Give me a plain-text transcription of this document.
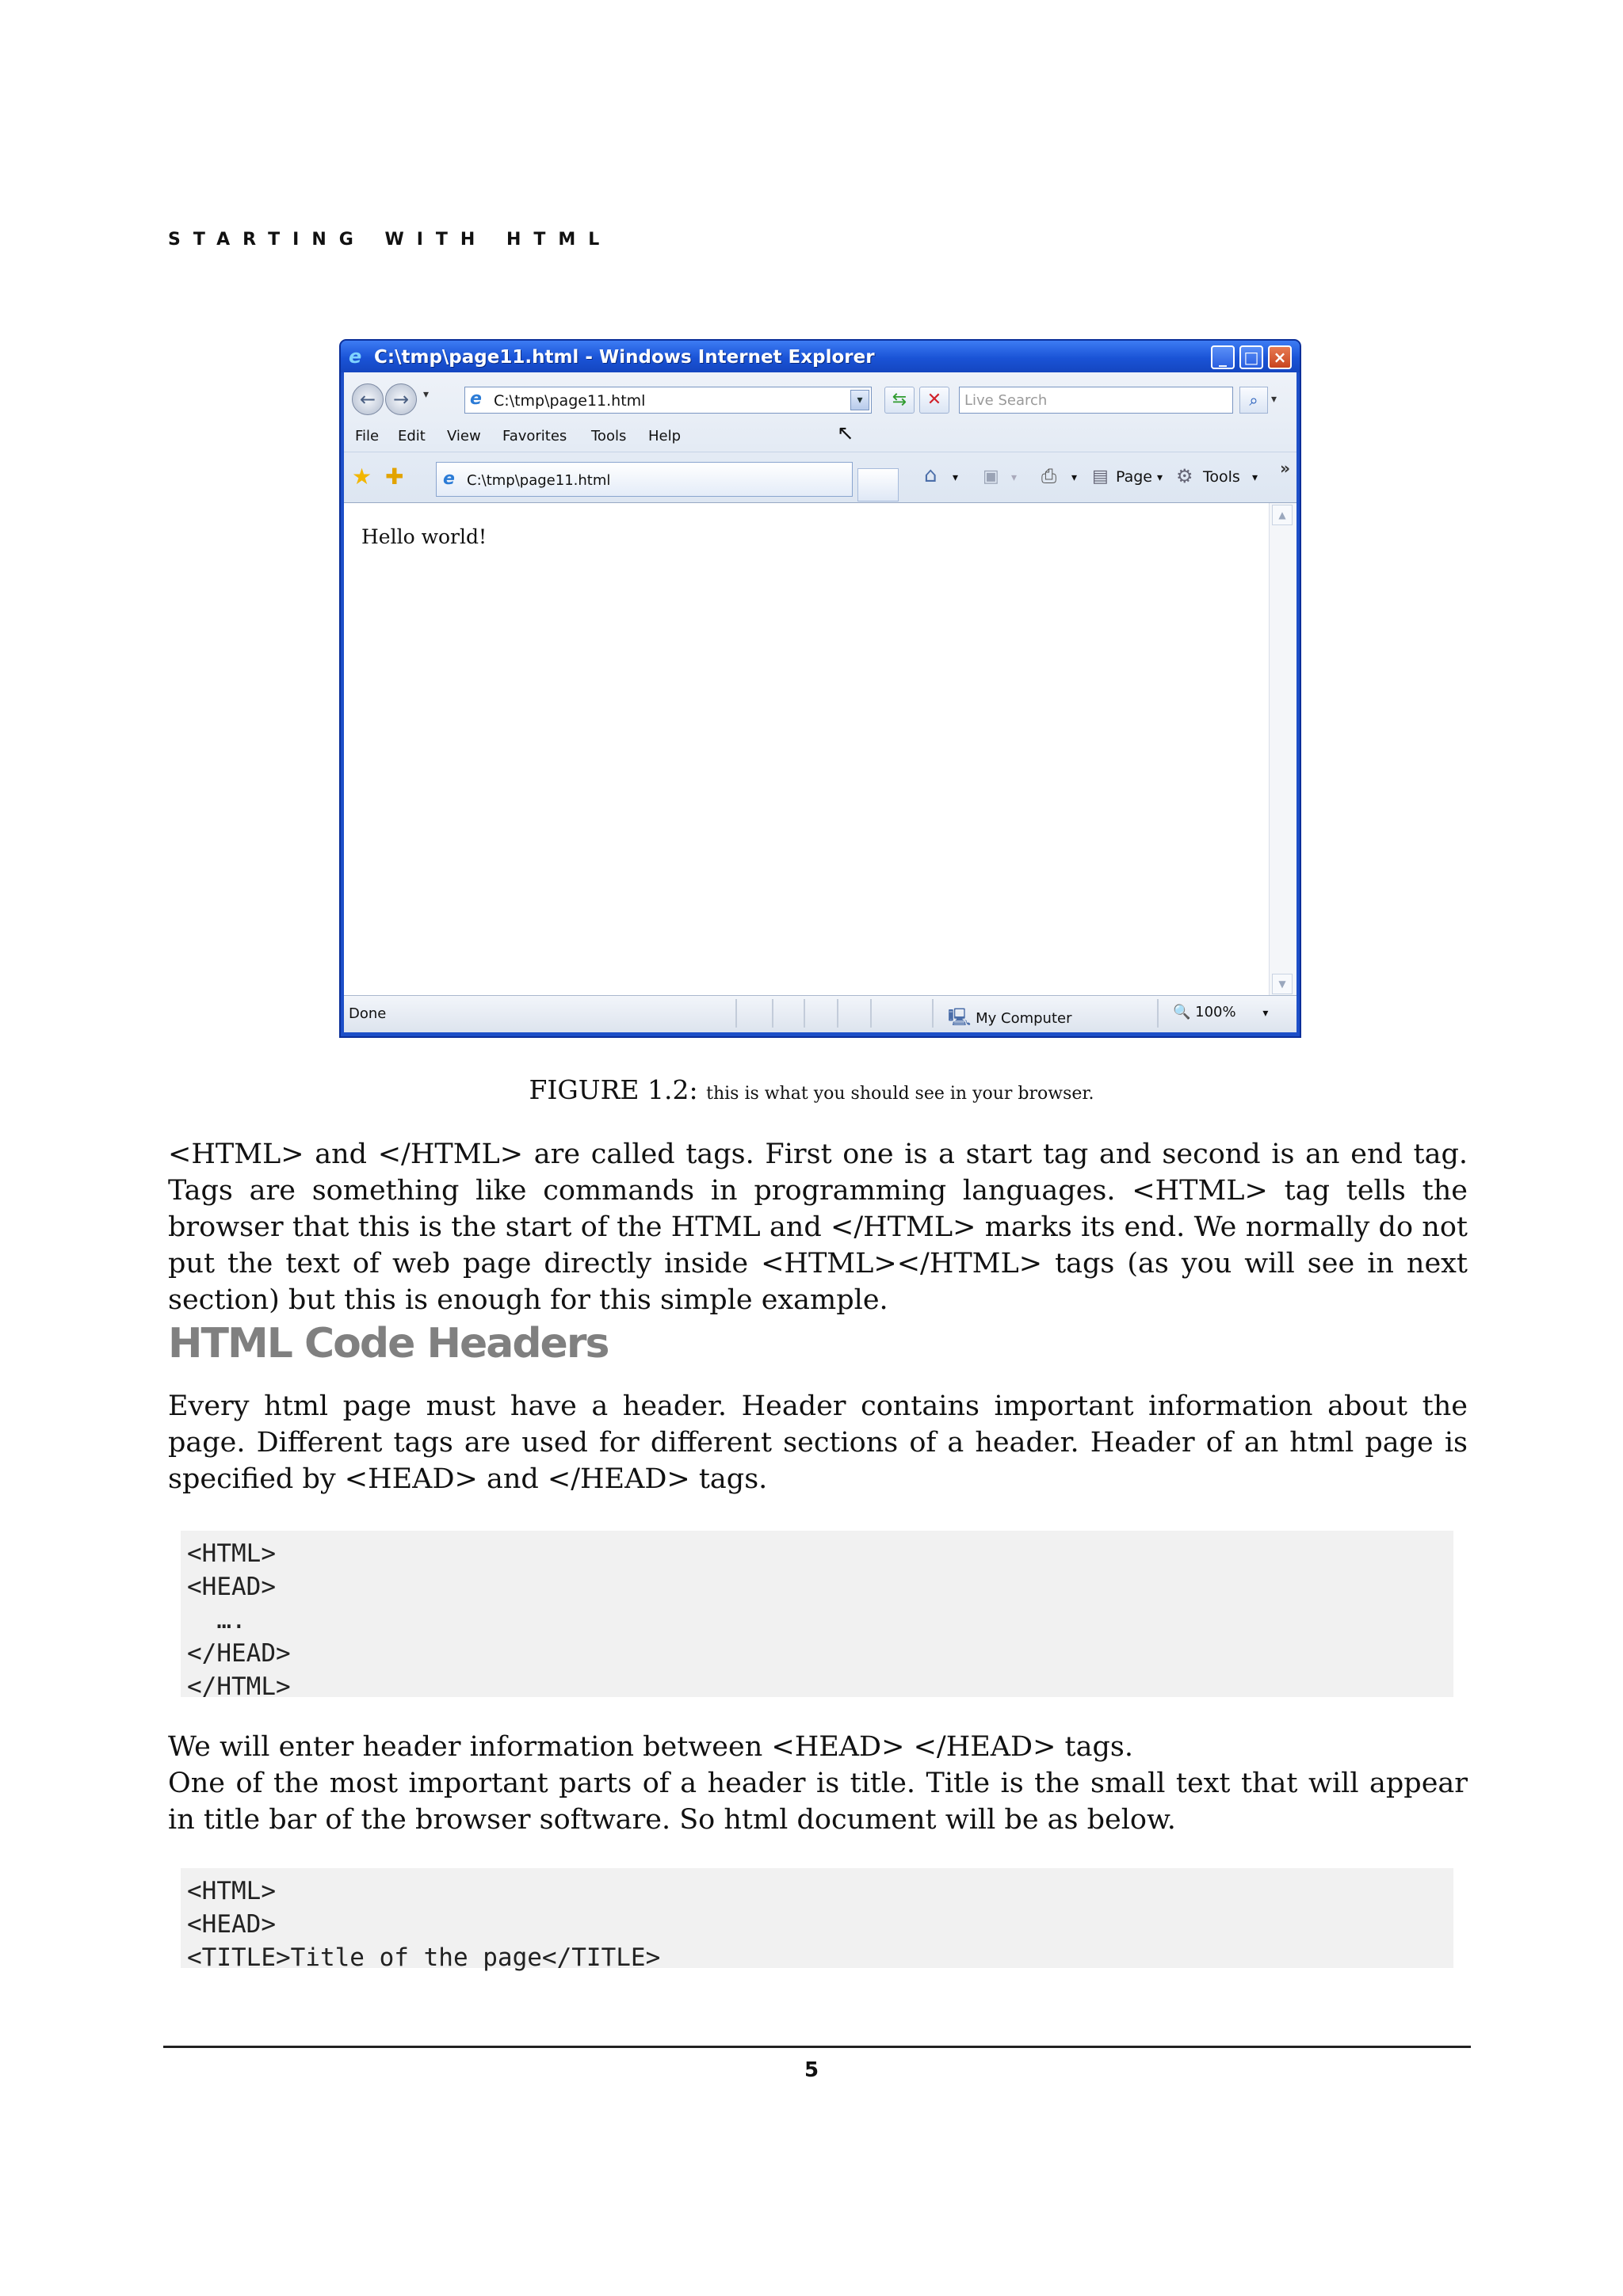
STARTING WITH HTML
e C:\tmp\page11.html - Windows Internet Explorer	_	□ ×
← →	▾ e C:\tmp\page11.html	▾	⇆	✕	Live Search	⌕	▾
File Edit View Favorites Tools Help	↖
★ ✚ e C:\tmp\page11.html	⌂ ▾ ▣ ▾ ⎙ ▾ ▤ Page ▾ ⚙ Tools ▾ »
Hello world!
▲
▼
Done	🖳 My Computer	🔍 100% ▾
FIGURE 1.2: this is what you should see in your browser.
<HTML> and </HTML> are called tags. First one is a start tag and second is an end tag. Tags are something like commands in programming languages. <HTML> tag tells the browser that this is the start of the HTML and </HTML> marks its end. We normally do not put the text of web page directly inside <HTML></HTML> tags (as you will see in next section) but this is enough for this simple example.
HTML Code Headers
Every html page must have a header. Header contains important information about the page. Different tags are used for different sections of a header. Header of an html page is specified by <HEAD> and </HEAD> tags.
<HTML>
<HEAD>
….
</HEAD>
</HTML>
We will enter header information between <HEAD> </HEAD> tags.
One of the most important parts of a header is title. Title is the small text that will appear in title bar of the browser software. So html document will be as below.
<HTML>
<HEAD>
<TITLE>Title of the page</TITLE>
5
